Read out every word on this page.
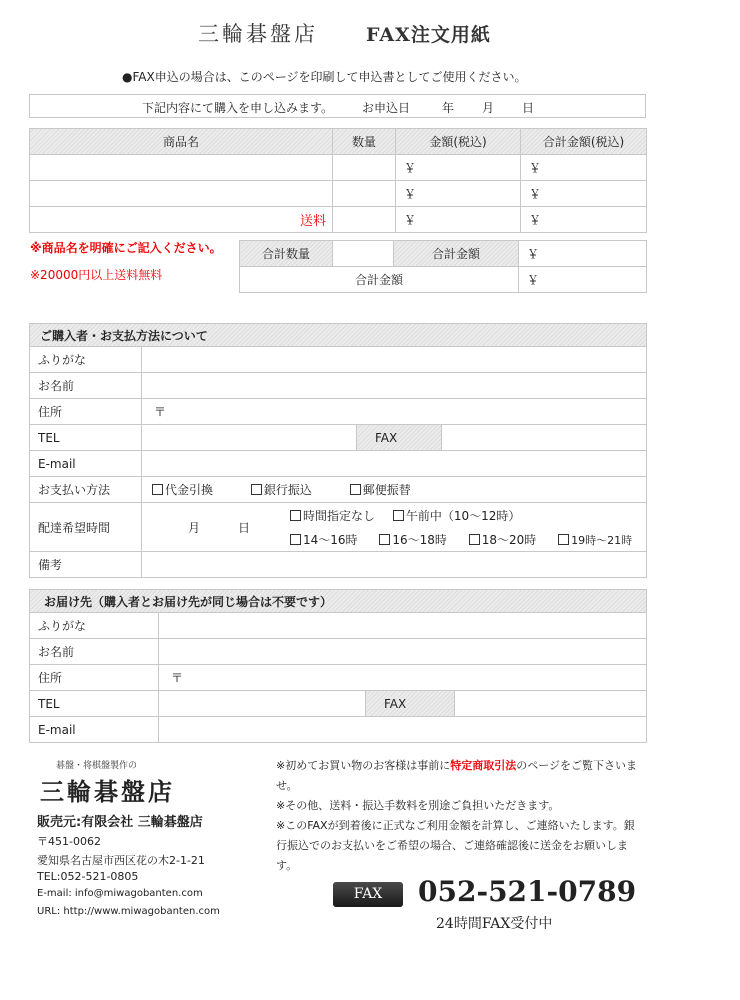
三輪碁盤店	FAX注文用紙
●FAX申込の場合は、このページを印刷して申込書としてご使用ください。
下記内容にて購入を申し込みます。 お申込日	年 月 日
商品名	数量	金額(税込)	合計金額(税込)
		￥	￥
		￥	￥
送料		￥	￥
※商品名を明確にご記入ください。
※20000円以上送料無料
合計数量		合計金額	￥
合計金額			￥
ご購入者・お支払方法について			
ふりがな			
お名前			
住所	〒		
TEL		FAX	
E-mail			
お支払い方法	代金引換 銀行振込 郵便振替		
配達希望時間	月 日
時間指定なし 午前中（10〜12時）
14〜16時 16〜18時 18〜20時 19時〜21時		

備考			
お届け先（購入者とお届け先が同じ場合は不要です）			
ふりがな			
お名前			
住所	〒		
TEL		FAX	
E-mail			
碁盤・将棋盤製作の
三輪碁盤店
販売元:有限会社 三輪碁盤店
〒451-0062
愛知県名古屋市西区花の木2-1-21
TEL:052-521-0805
E-mail: info@miwagobanten.com
URL: http://www.miwagobanten.com
※初めてお買い物のお客様は事前に特定商取引法のページをご覧下さいませ。
※その他、送料・振込手数料を別途ご負担いただきます。
※このFAXが到着後に正式なご利用金額を計算し、ご連絡いたします。銀行振込でのお支払いをご希望の場合、ご連絡確認後に送金をお願いします。
FAX	052-521-0789
24時間FAX受付中
